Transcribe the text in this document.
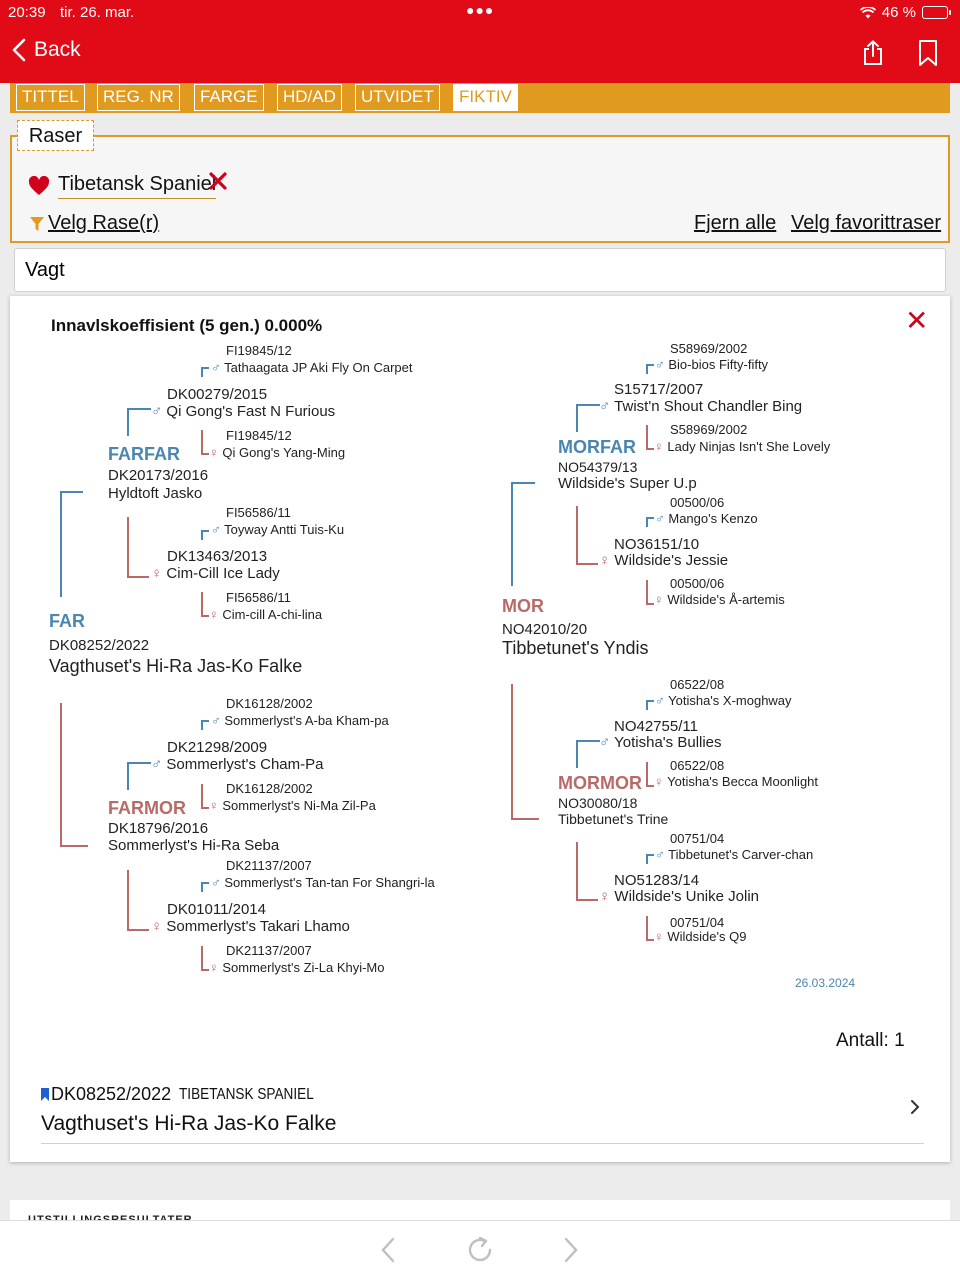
20:39 tir. 26. mar.	●●●	46 %
Back
TITTEL	REG. NR	FARGE	HD/AD	UTVIDET	FIKTIV
Raser
Tibetansk Spaniel
Velg Rase(r)	Fjern alle Velg favorittraser
Vagt
Innavlskoeffisient (5 gen.) 0.000%	✕
FI19845/12
♂ Tathaagata JP Aki Fly On Carpet
DK00279/2015
♂ Qi Gong's Fast N Furious
FI19845/12
♀ Qi Gong's Yang-Ming
FARFAR
DK20173/2016
Hyldtoft Jasko
FI56586/11
♂ Toyway Antti Tuis-Ku
DK13463/2013
♀ Cim-Cill Ice Lady
FI56586/11
♀ Cim-cill A-chi-lina
FAR
DK08252/2022
Vagthuset's Hi-Ra Jas-Ko Falke
DK16128/2002
♂ Sommerlyst's A-ba Kham-pa
DK21298/2009
♂ Sommerlyst's Cham-Pa
DK16128/2002
♀ Sommerlyst's Ni-Ma Zil-Pa
FARMOR
DK18796/2016
Sommerlyst's Hi-Ra Seba
DK21137/2007
♂ Sommerlyst's Tan-tan For Shangri-la
DK01011/2014
♀ Sommerlyst's Takari Lhamo
DK21137/2007
♀ Sommerlyst's Zi-La Khyi-Mo
S58969/2002
♂ Bio-bios Fifty-fifty
S15717/2007
♂ Twist'n Shout Chandler Bing
S58969/2002
♀ Lady Ninjas Isn't She Lovely
MORFAR
NO54379/13
Wildside's Super U.p
00500/06
♂ Mango's Kenzo
NO36151/10
♀ Wildside's Jessie
00500/06
♀ Wildside's Å-artemis
MOR
NO42010/20
Tibbetunet's Yndis
06522/08
♂ Yotisha's X-moghway
NO42755/11
♂ Yotisha's Bullies
06522/08
♀ Yotisha's Becca Moonlight
MORMOR
NO30080/18
Tibbetunet's Trine
00751/04
♂ Tibbetunet's Carver-chan
NO51283/14
♀ Wildside's Unike Jolin
00751/04
♀ Wildside's Q9
26.03.2024
Antall: 1
DK08252/2022 TIBETANSK SPANIEL
Vagthuset's Hi-Ra Jas-Ko Falke
